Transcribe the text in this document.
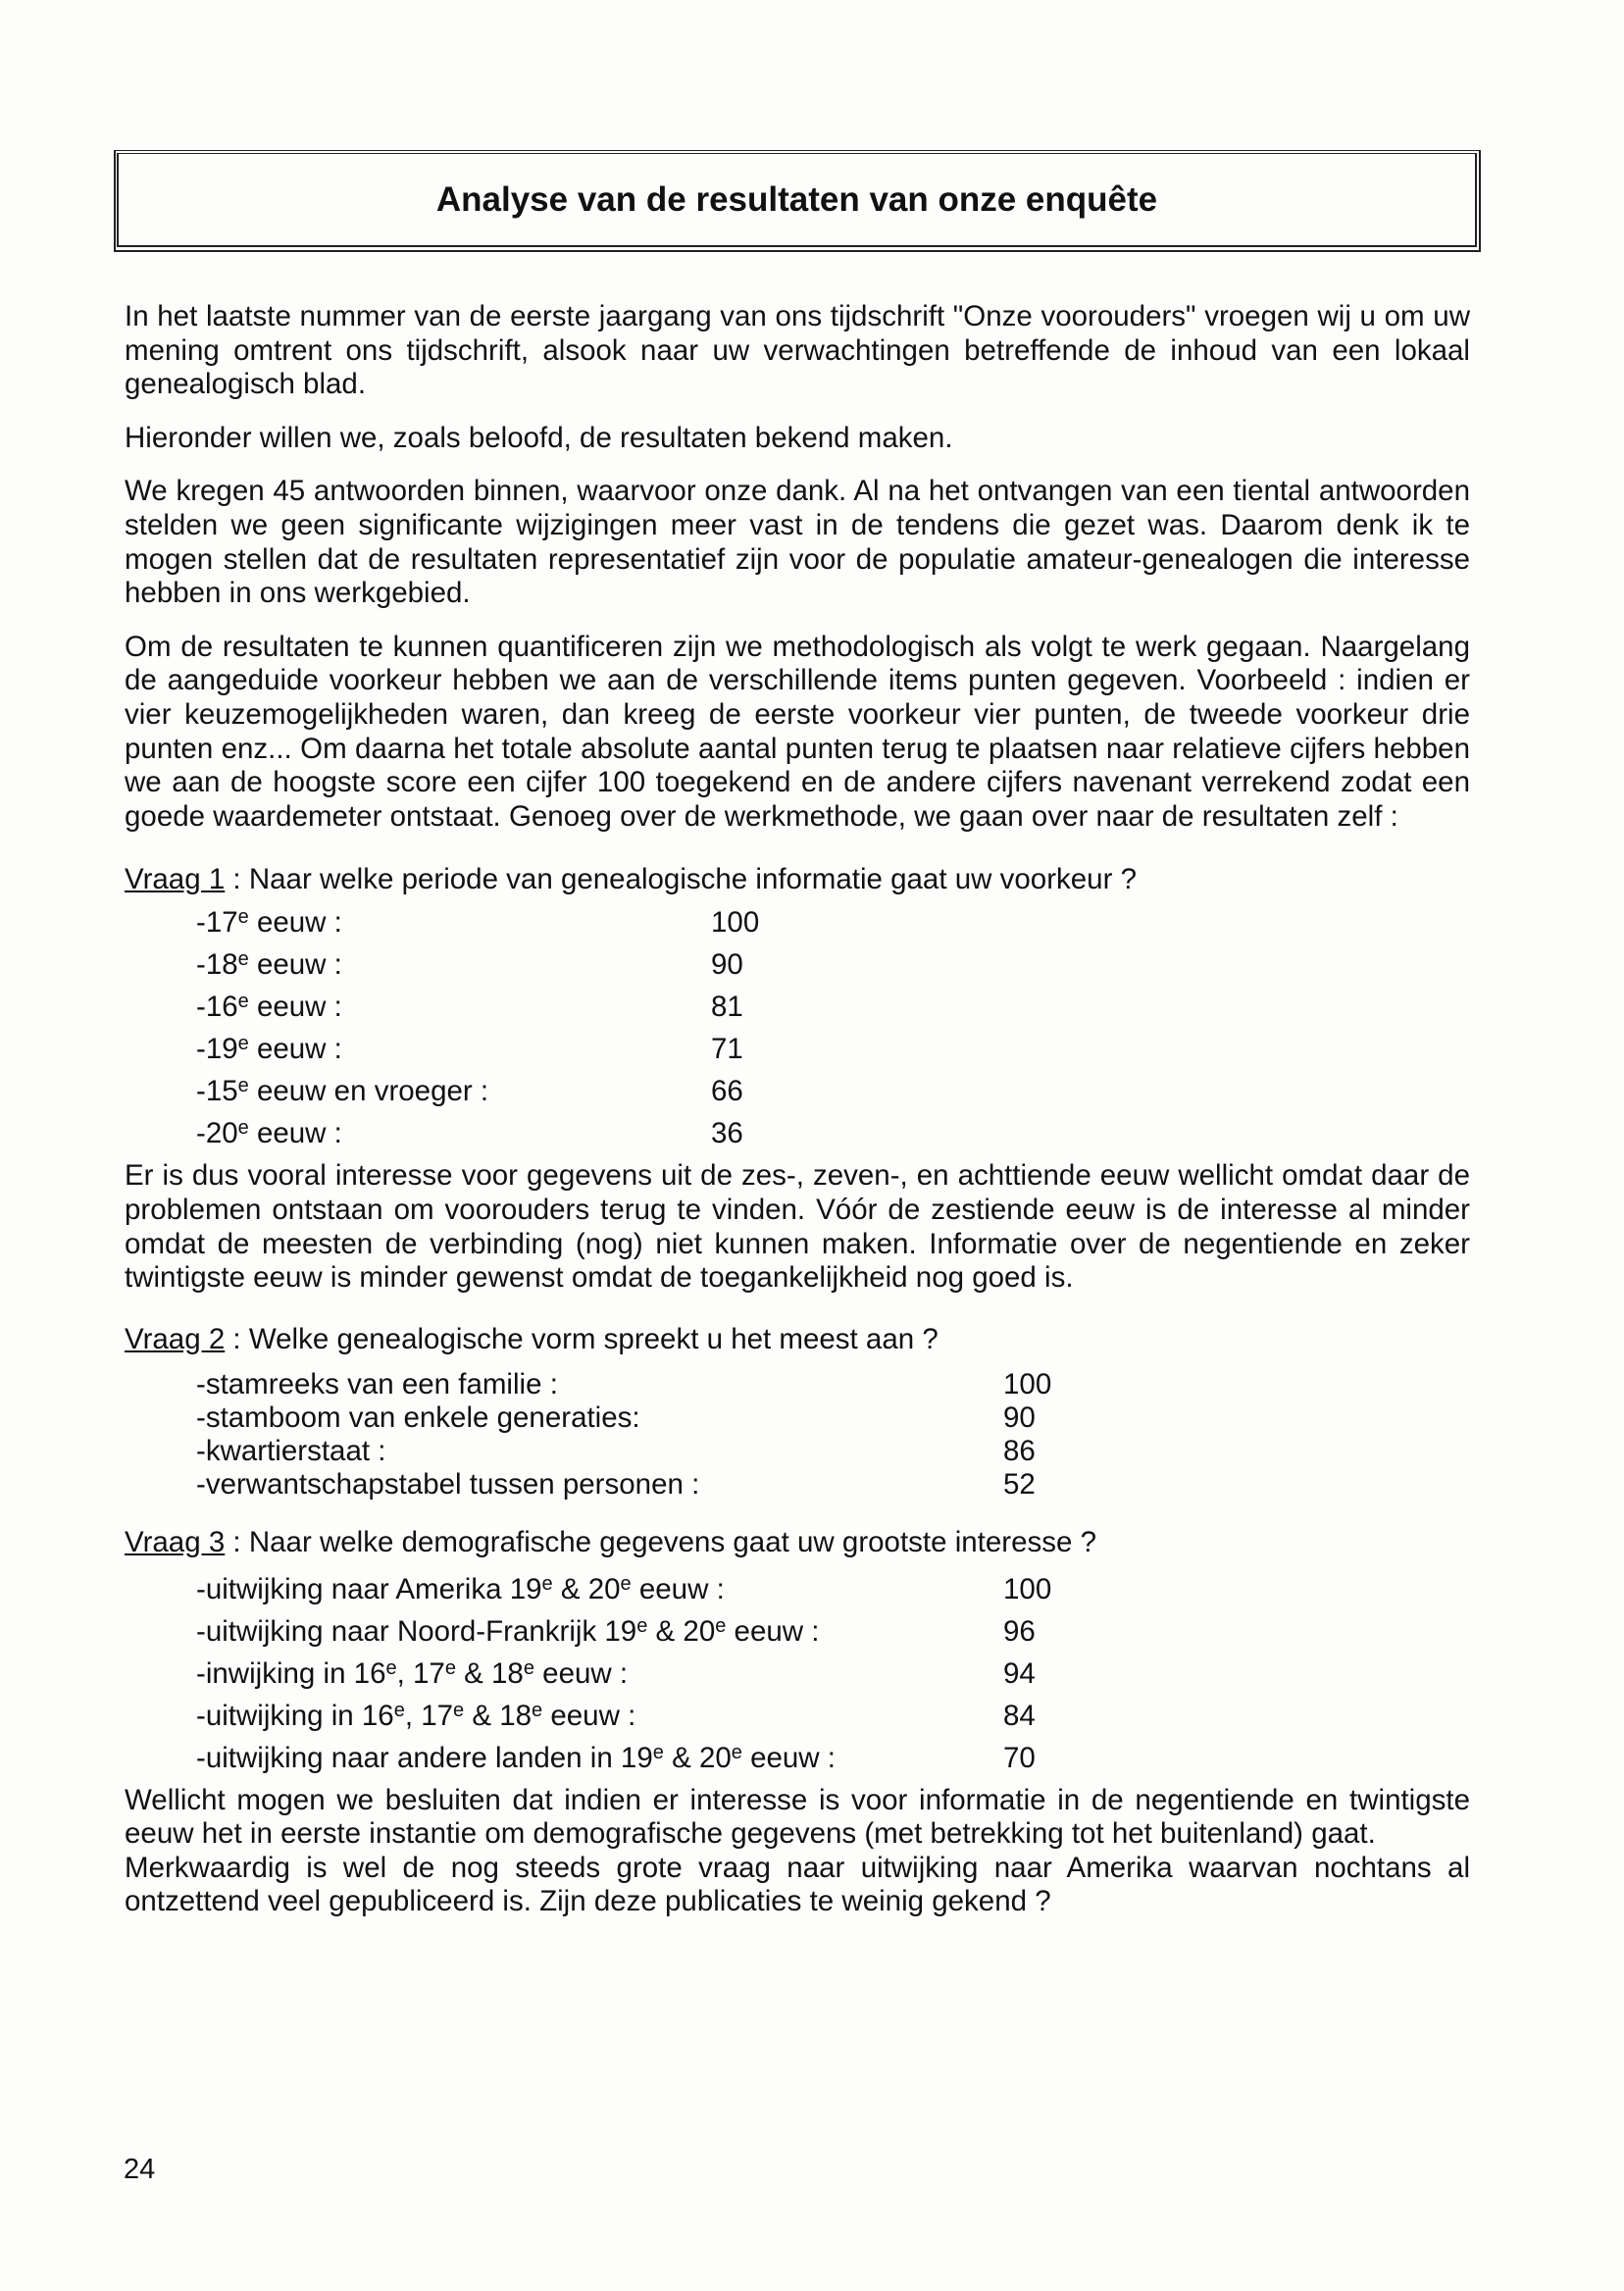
Analyse van de resultaten van onze enquête

In het laatste nummer van de eerste jaargang van ons tijdschrift "Onze voorouders" vroegen wij u om uw mening omtrent ons tijdschrift, alsook naar uw verwachtingen betreffende de inhoud van een lokaal genealogisch blad.

Hieronder willen we, zoals beloofd, de resultaten bekend maken.

We kregen 45 antwoorden binnen, waarvoor onze dank. Al na het ontvangen van een tiental antwoorden stelden we geen significante wijzigingen meer vast in de tendens die gezet was. Daarom denk ik te mogen stellen dat de resultaten representatief zijn voor de populatie amateur-genealogen die interesse hebben in ons werkgebied.

Om de resultaten te kunnen quantificeren zijn we methodologisch als volgt te werk gegaan. Naargelang de aangeduide voorkeur hebben we aan de verschillende items punten gegeven. Voorbeeld : indien er vier keuzemogelijkheden waren, dan kreeg de eerste voorkeur vier punten, de tweede voorkeur drie punten enz... Om daarna het totale absolute aantal punten terug te plaatsen naar relatieve cijfers hebben we aan de hoogste score een cijfer 100 toegekend en de andere cijfers navenant verrekend zodat een goede waardemeter ontstaat. Genoeg over de werkmethode, we gaan over naar de resultaten zelf :

Vraag 1 : Naar welke periode van genealogische informatie gaat uw voorkeur ?

-17e eeuw :	100
-18e eeuw :	90
-16e eeuw :	81
-19e eeuw :	71
-15e eeuw en vroeger :	66
-20e eeuw :	36

Er is dus vooral interesse voor gegevens uit de zes-, zeven-, en achttiende eeuw wellicht omdat daar de problemen ontstaan om voorouders terug te vinden. Vóór de zestiende eeuw is de interesse al minder omdat de meesten de verbinding (nog) niet kunnen maken. Informatie over de negentiende en zeker twintigste eeuw is minder gewenst omdat de toegankelijkheid nog goed is.

Vraag 2 : Welke genealogische vorm spreekt u het meest aan ?

-stamreeks van een familie :	100
-stamboom van enkele generaties:	90
-kwartierstaat :	86
-verwantschapstabel tussen personen :	52

Vraag 3 : Naar welke demografische gegevens gaat uw grootste interesse ?

-uitwijking naar Amerika 19e & 20e eeuw :	100
-uitwijking naar Noord-Frankrijk 19e & 20e eeuw :	96
-inwijking in 16e, 17e & 18e eeuw :	94
-uitwijking in 16e, 17e & 18e eeuw :	84
-uitwijking naar andere landen in 19e & 20e eeuw :	70

Wellicht mogen we besluiten dat indien er interesse is voor informatie in de negentiende en twintigste eeuw het in eerste instantie om demografische gegevens (met betrekking tot het buitenland) gaat.

Merkwaardig is wel de nog steeds grote vraag naar uitwijking naar Amerika waarvan nochtans al ontzettend veel gepubliceerd is. Zijn deze publicaties te weinig gekend ?

24
